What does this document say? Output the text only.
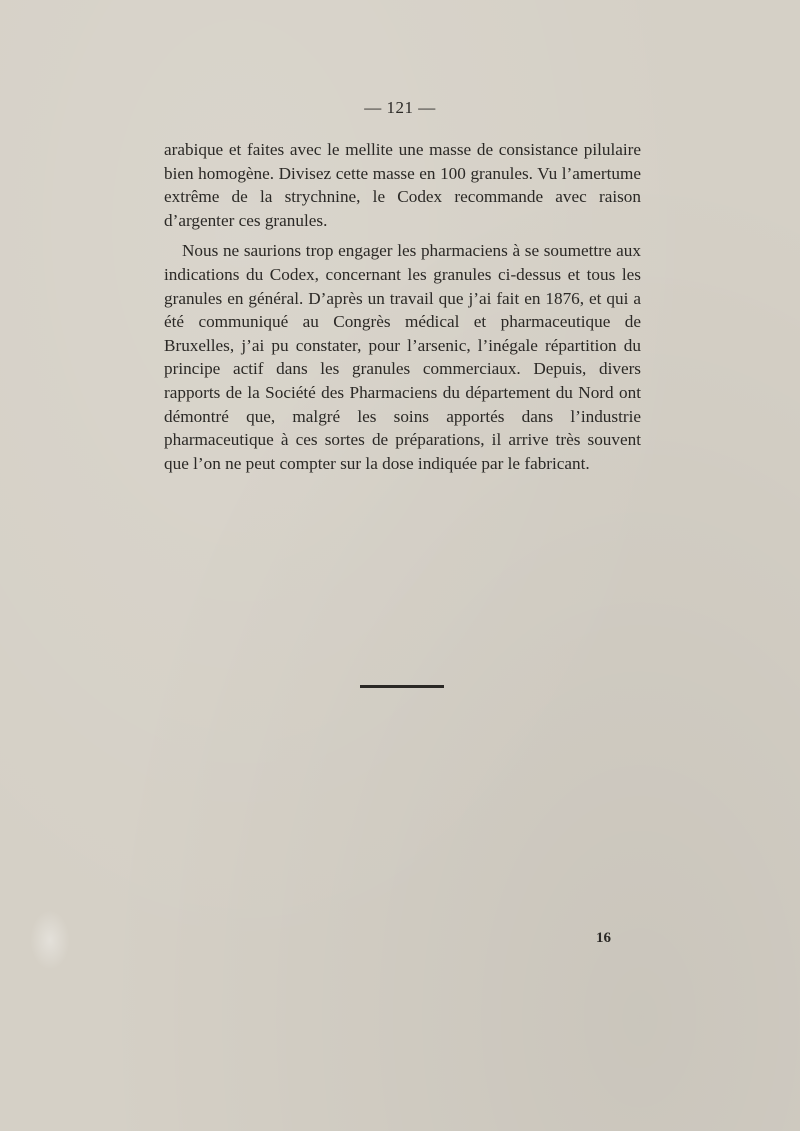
— 121 —

arabique et faites avec le mellite une masse de consistance pilulaire bien homogène. Divisez cette masse en 100 granules. Vu l’amertume extrême de la strychnine, le Codex recommande avec raison d’argenter ces granules.

Nous ne saurions trop engager les pharmaciens à se soumettre aux indications du Codex, concernant les granules ci-dessus et tous les granules en général. D’après un travail que j’ai fait en 1876, et qui a été communiqué au Congrès médical et pharmaceutique de Bruxelles, j’ai pu constater, pour l’arsenic, l’inégale répartition du principe actif dans les granules commerciaux. Depuis, divers rapports de la Société des Pharmaciens du département du Nord ont démontré que, malgré les soins apportés dans l’industrie pharmaceutique à ces sortes de préparations, il arrive très souvent que l’on ne peut compter sur la dose indiquée par le fabricant.

16
